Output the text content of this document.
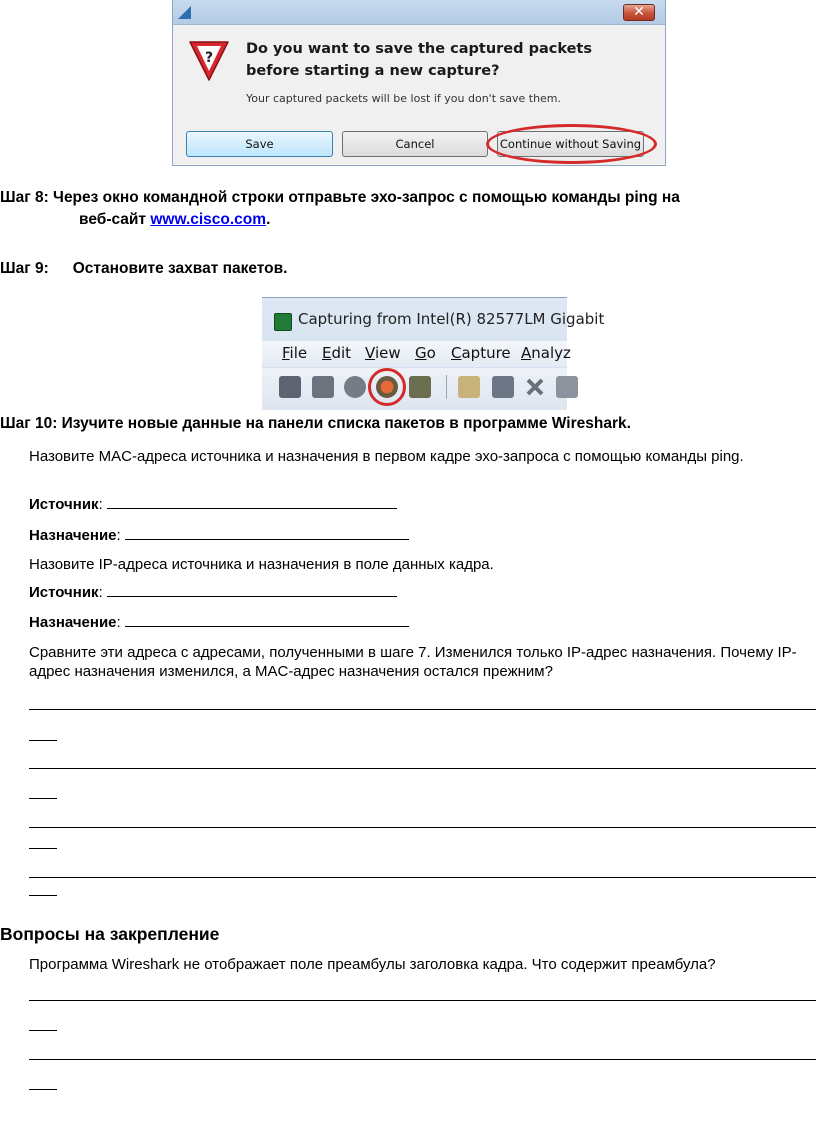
✕
?
Do you want to save the captured packets
before starting a new capture?
Your captured packets will be lost if you don't save them.
Save	Cancel	Continue without Saving
Шаг 8: Через окно командной строки отправьте эхо-запрос с помощью команды ping на
веб-сайт www.cisco.com.
Шаг 9: Остановите захват пакетов.
Capturing from Intel(R) 82577LM Gigabit
File Edit View Go Capture Analyz
Шаг 10: Изучите новые данные на панели списка пакетов в программе Wireshark.
Назовите MAC-адреса источника и назначения в первом кадре эхо-запроса с помощью команды ping.
Источник:
Назначение:
Назовите IP-адреса источника и назначения в поле данных кадра.
Источник:
Назначение:
Сравните эти адреса с адресами, полученными в шаге 7. Изменился только IP-адрес назначения. Почему IP-адрес назначения изменился, а MAC-адрес назначения остался прежним?
Вопросы на закрепление
Программа Wireshark не отображает поле преамбулы заголовка кадра. Что содержит преамбула?
